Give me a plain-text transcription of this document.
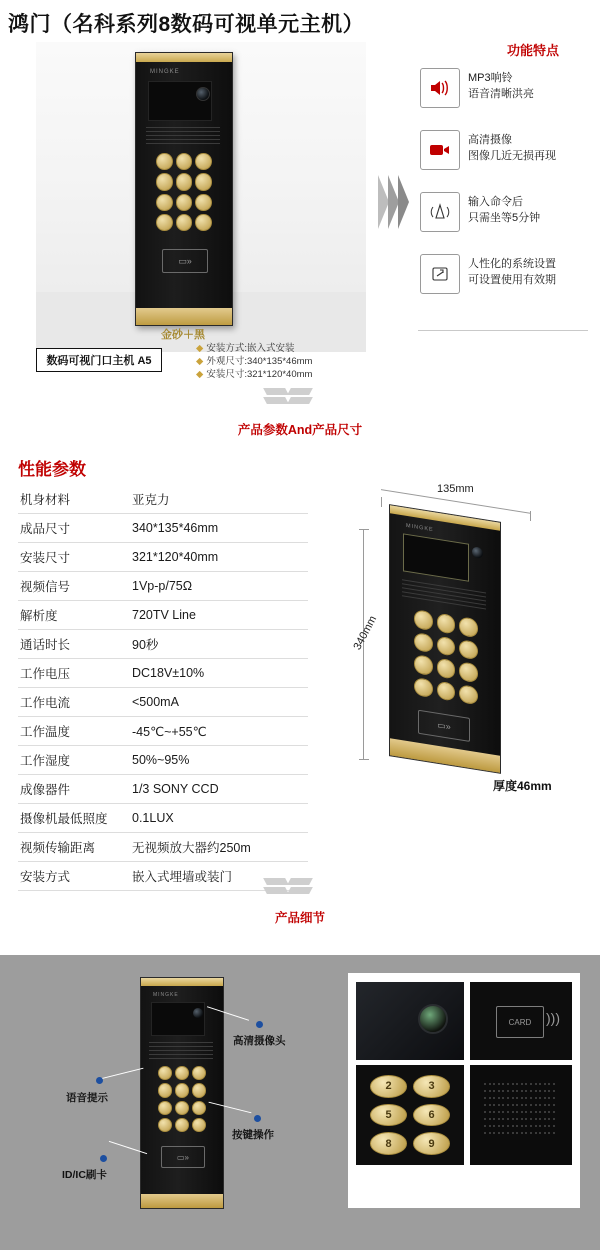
鸿门（名科系列8数码可视单元主机）
MINGKE
▭»
金砂＋黑
数码可视门口主机 A5
◆ 安装方式:嵌入式安装
◆ 外观尺寸:340*135*46mm
◆ 安装尺寸:321*120*40mm
功能特点
MP3响铃
语音清晰洪亮
高清摄像
图像几近无损再现
输入命令后
只需坐等5分钟
人性化的系统设置
可设置使用有效期
产品参数And产品尺寸
性能参数
机身材料	亚克力
成品尺寸	340*135*46mm
安装尺寸	321*120*40mm
视频信号	1Vp-p/75Ω
解析度	720TV Line
通话时长	90秒
工作电压	DC18V±10%
工作电流	<500mA
工作温度	-45℃~+55℃
工作湿度	50%~95%
成像器件	1/3 SONY CCD
摄像机最低照度	0.1LUX
视频传输距离	无视频放大器约250m
安装方式	嵌入式埋墙或装门
135mm
340mm
MINGKE
▭»
厚度46mm
产品细节
MINGKE
▭»
高清摄像头
语音提示
按键操作
ID/IC刷卡
CARD	)))
2	3
5	6
8	9
